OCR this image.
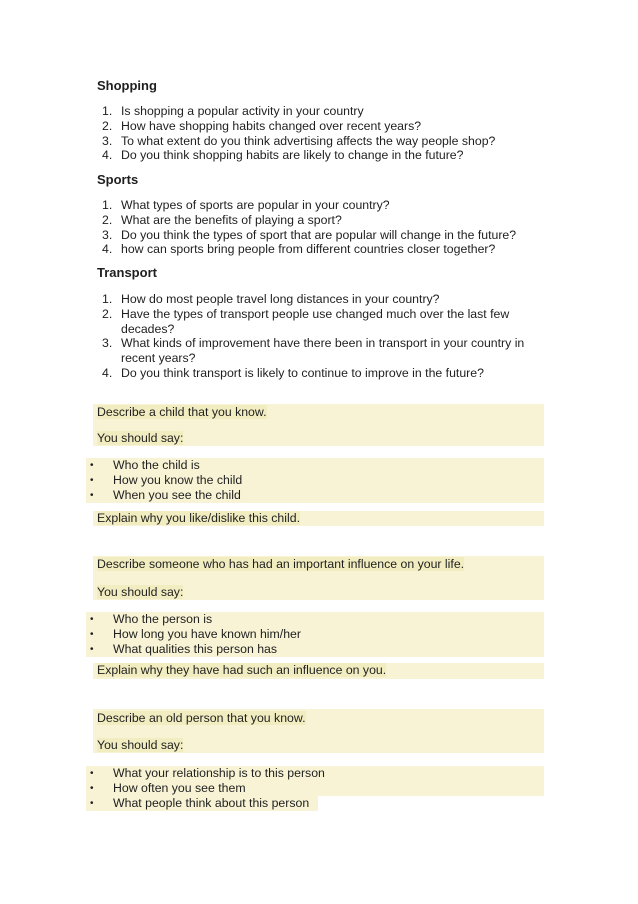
Shopping
1. Is shopping a popular activity in your country
2. How have shopping habits changed over recent years?
3. To what extent do you think advertising affects the way people shop?
4. Do you think shopping habits are likely to change in the future?
Sports
1. What types of sports are popular in your country?
2. What are the benefits of playing a sport?
3. Do you think the types of sport that are popular will change in the future?
4. how can sports bring people from different countries closer together?
Transport
1. How do most people travel long distances in your country?
2. Have the types of transport people use changed much over the last few decades?
3. What kinds of improvement have there been in transport in your country in recent years?
4. Do you think transport is likely to continue to improve in the future?
Describe a child that you know.
You should say:
•	Who the child is
•	How you know the child
•	When you see the child
Explain why you like/dislike this child.
Describe someone who has had an important influence on your life.
You should say:
•	Who the person is
•	How long you have known him/her
•	What qualities this person has
Explain why they have had such an influence on you.
Describe an old person that you know.
You should say:
•	What your relationship is to this person
•	How often you see them
•	What people think about this person
